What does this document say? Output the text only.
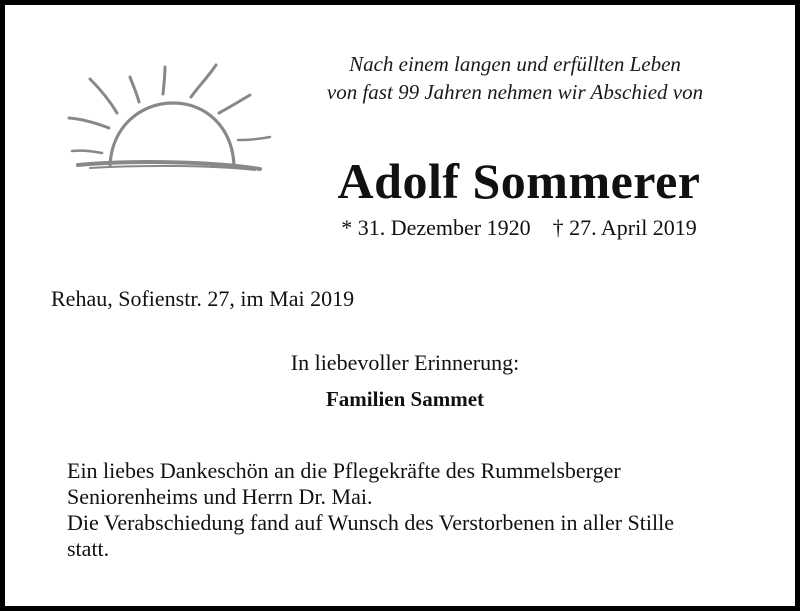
Nach einem langen und erfüllten Leben
von fast 99 Jahren nehmen wir Abschied von
Adolf Sommerer
* 31. Dezember 1920 † 27. April 2019
Rehau, Sofienstr. 27, im Mai 2019
In liebevoller Erinnerung:
Familien Sammet

Ein liebes Dankeschön an die Pflegekräfte des Rummelsberger

Seniorenheims und Herrn Dr. Mai.

Die Verabschiedung fand auf Wunsch des Verstorbenen in aller Stille

statt.
